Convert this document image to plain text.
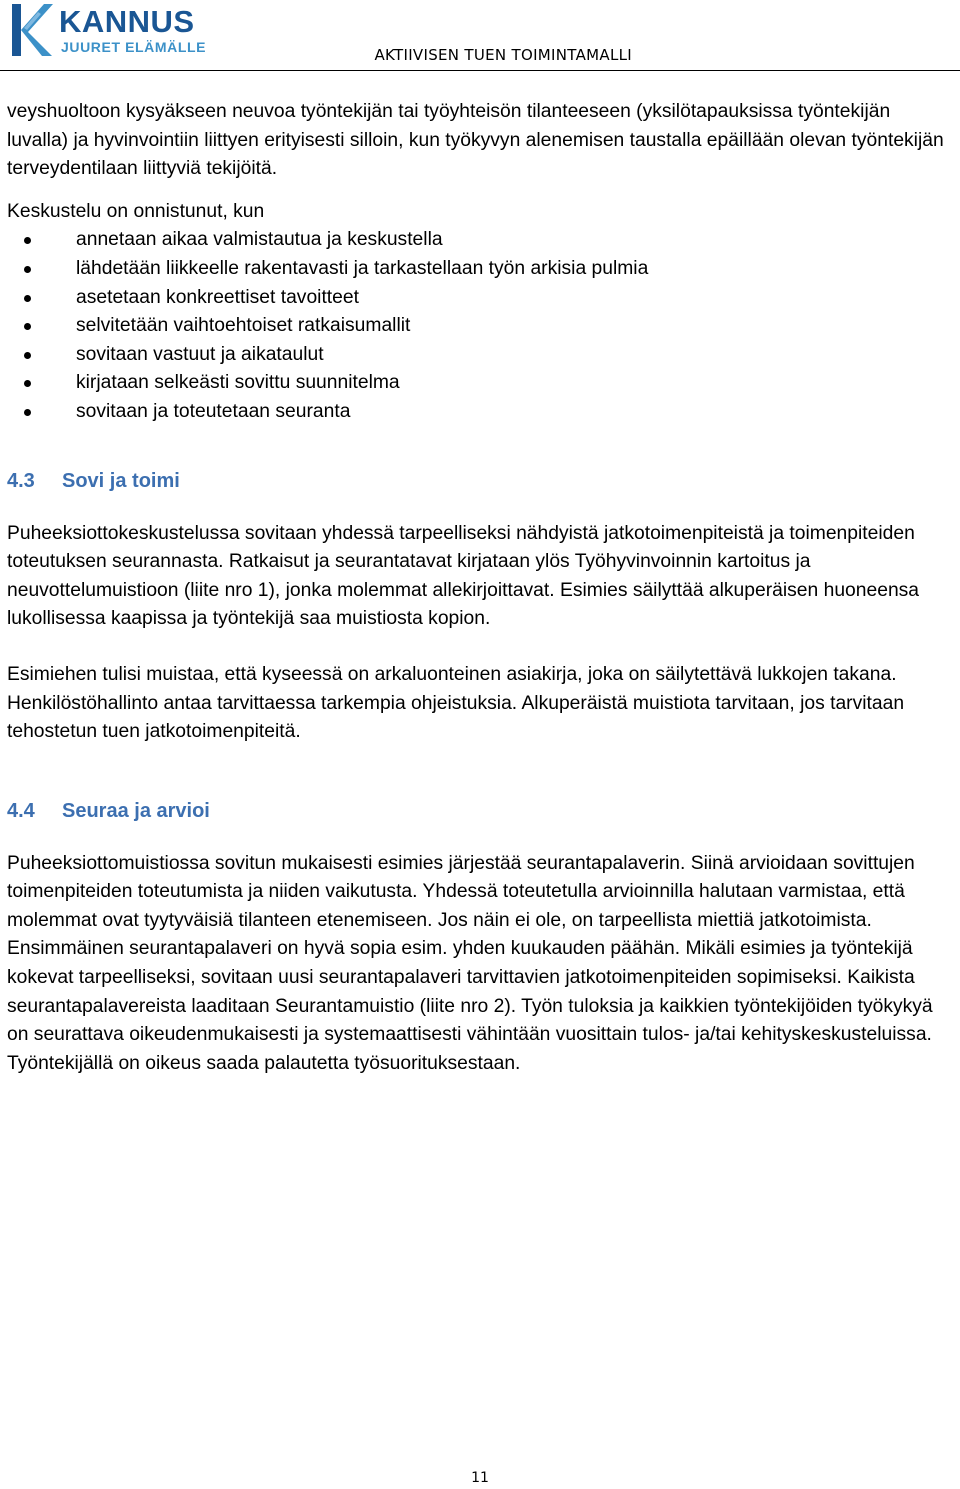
KANNUS
JUURET ELÄMÄLLE	AKTIIVISEN TUEN TOIMINTAMALLI

veyshuoltoon kysyäkseen neuvoa työntekijän tai työyhteisön tilanteeseen (yksilötapauksissa työntekijän luvalla) ja hyvinvointiin liittyen erityisesti silloin, kun työkyvyn alenemisen taustalla epäillään olevan työntekijän terveydentilaan liittyviä tekijöitä.

Keskustelu on onnistunut, kun

annetaan aikaa valmistautua ja keskustella
lähdetään liikkeelle rakentavasti ja tarkastellaan työn arkisia pulmia
asetetaan konkreettiset tavoitteet
selvitetään vaihtoehtoiset ratkaisumallit
sovitaan vastuut ja aikataulut
kirjataan selkeästi sovittu suunnitelma
sovitaan ja toteutetaan seuranta
4.3 Sovi ja toimi

Puheeksiottokeskustelussa sovitaan yhdessä tarpeelliseksi nähdyistä jatkotoimenpiteistä ja toimenpiteiden toteutuksen seurannasta. Ratkaisut ja seurantatavat kirjataan ylös Työhyvinvoinnin kartoitus ja neuvottelumuistioon (liite nro 1), jonka molemmat allekirjoittavat. Esimies säilyttää alkuperäisen huoneensa lukollisessa kaapissa ja työntekijä saa muistiosta kopion.

Esimiehen tulisi muistaa, että kyseessä on arkaluonteinen asiakirja, joka on säilytettävä lukkojen takana. Henkilöstöhallinto antaa tarvittaessa tarkempia ohjeistuksia. Alkuperäistä muistiota tarvitaan, jos tarvitaan tehostetun tuen jatkotoimenpiteitä.

4.4 Seuraa ja arvioi

Puheeksiottomuistiossa sovitun mukaisesti esimies järjestää seurantapalaverin. Siinä arvioidaan sovittujen toimenpiteiden toteutumista ja niiden vaikutusta. Yhdessä toteutetulla arvioinnilla halutaan varmistaa, että molemmat ovat tyytyväisiä tilanteen etenemiseen. Jos näin ei ole, on tarpeellista miettiä jatkotoimista. Ensimmäinen seurantapalaveri on hyvä sopia esim. yhden kuukauden päähän. Mikäli esimies ja työntekijä kokevat tarpeelliseksi, sovitaan uusi seurantapalaveri tarvittavien jatkotoimenpiteiden sopimiseksi. Kaikista seurantapalavereista laaditaan Seurantamuistio (liite nro 2). Työn tuloksia ja kaikkien työntekijöiden työkykyä on seurattava oikeudenmukaisesti ja systemaattisesti vähintään vuosittain tulos- ja/tai kehityskeskusteluissa. Työntekijällä on oikeus saada palautetta työsuorituksestaan.

11
